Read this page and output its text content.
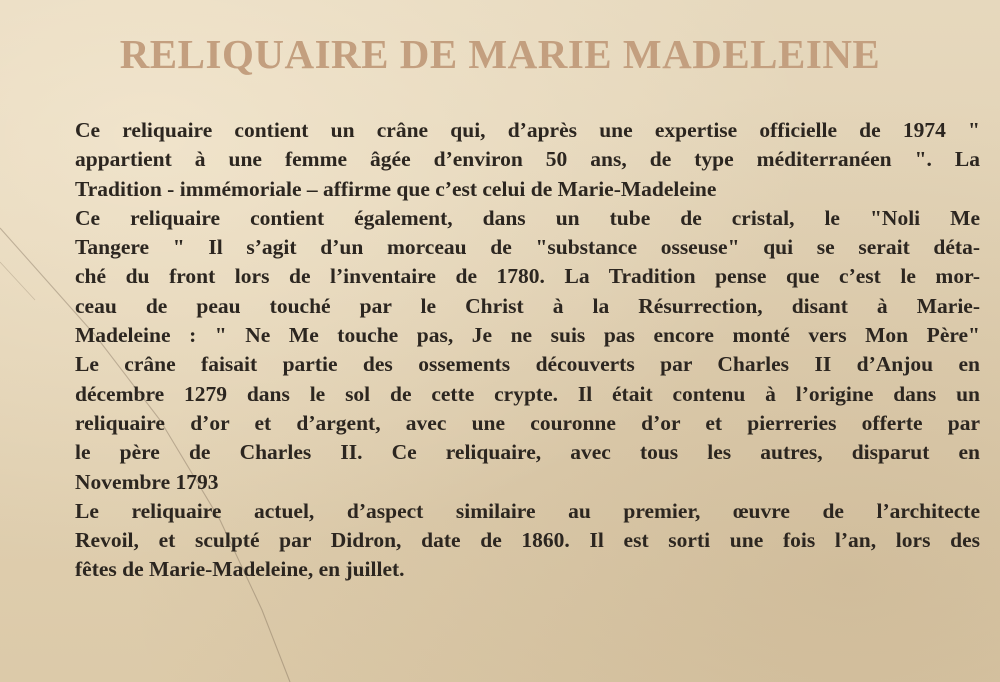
RELIQUAIRE DE MARIE MADELEINE
Ce reliquaire contient un crâne qui, d’après une expertise officielle de 1974 "
appartient à une femme âgée d’environ 50 ans, de type méditerranéen ". La
Tradition - immémoriale – affirme que c’est celui de Marie-Madeleine
Ce reliquaire contient également, dans un tube de cristal, le "Noli Me
Tangere " Il s’agit d’un morceau de "substance osseuse" qui se serait déta-
ché du front lors de l’inventaire de 1780. La Tradition pense que c’est le mor-
ceau de peau touché par le Christ à la Résurrection, disant à Marie-
Madeleine : " Ne Me touche pas, Je ne suis pas encore monté vers Mon Père"
Le crâne faisait partie des ossements découverts par Charles II d’Anjou en
décembre 1279 dans le sol de cette crypte. Il était contenu à l’origine dans un
reliquaire d’or et d’argent, avec une couronne d’or et pierreries offerte par
le père de Charles II. Ce reliquaire, avec tous les autres, disparut en
Novembre 1793
Le reliquaire actuel, d’aspect similaire au premier, œuvre de l’architecte
Revoil, et sculpté par Didron, date de 1860. Il est sorti une fois l’an, lors des
fêtes de Marie-Madeleine, en juillet.
